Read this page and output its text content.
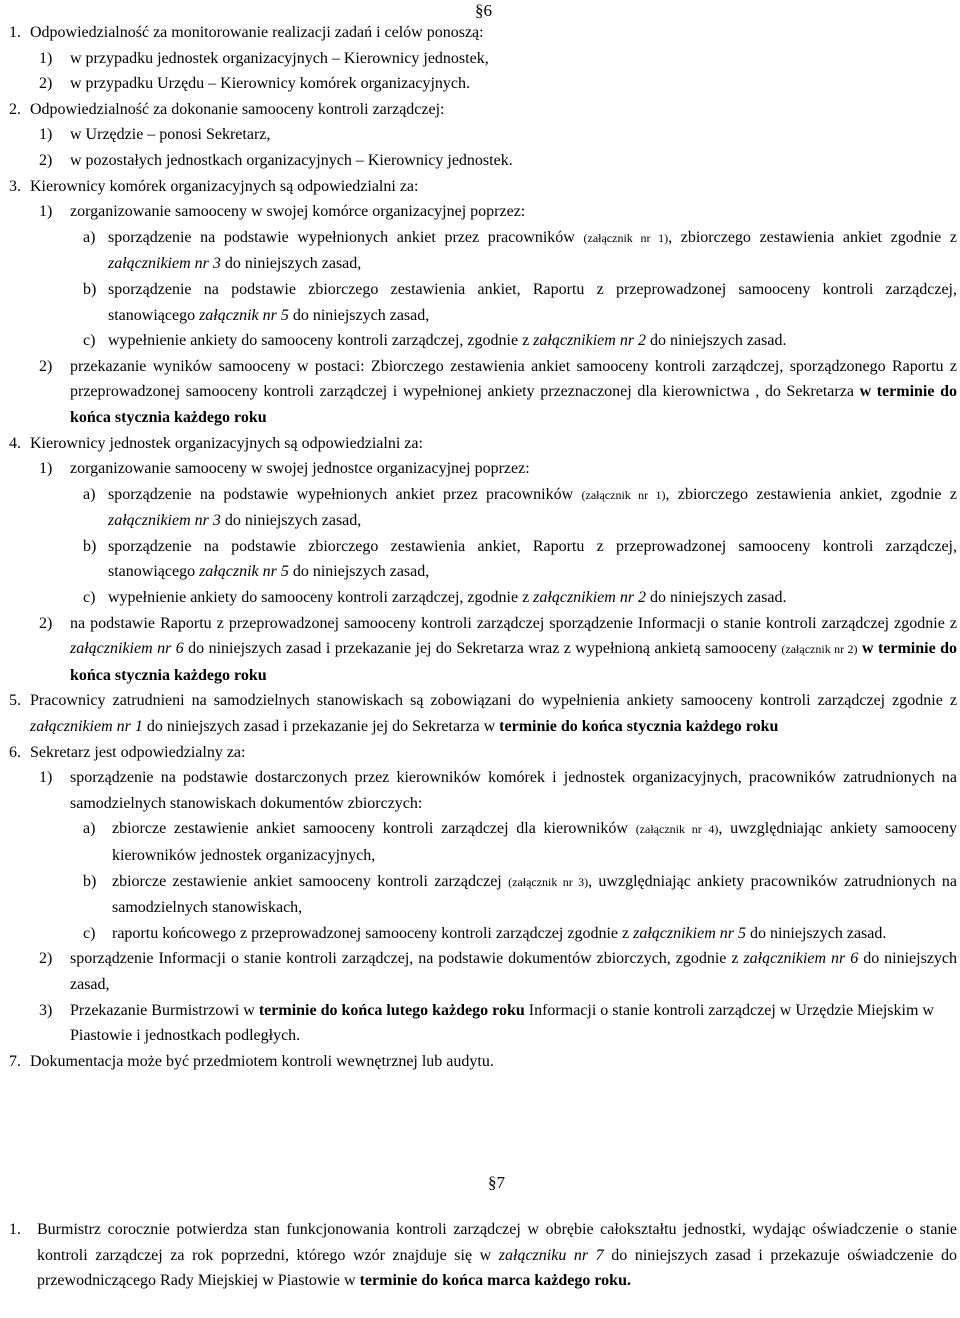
§6
1. Odpowiedzialność za monitorowanie realizacji zadań i celów ponoszą:
1)	w przypadku jednostek organizacyjnych – Kierownicy jednostek,
2)	w przypadku Urzędu – Kierownicy komórek organizacyjnych.
2. Odpowiedzialność za dokonanie samooceny kontroli zarządczej:
1)	w Urzędzie – ponosi Sekretarz,
2)	w pozostałych jednostkach organizacyjnych – Kierownicy jednostek.
3. Kierownicy komórek organizacyjnych są odpowiedzialni za:
1) zorganizowanie samooceny w swojej komórce organizacyjnej poprzez:
a) sporządzenie na podstawie wypełnionych ankiet przez pracowników (załącznik nr 1), zbiorczego zestawienia ankiet zgodnie z załącznikiem nr 3 do niniejszych zasad,
b) sporządzenie na podstawie zbiorczego zestawienia ankiet, Raportu z przeprowadzonej samooceny kontroli zarządczej, stanowiącego załącznik nr 5 do niniejszych zasad,
c) wypełnienie ankiety do samooceny kontroli zarządczej, zgodnie z załącznikiem nr 2 do niniejszych zasad.
2) przekazanie wyników samooceny w postaci: Zbiorczego zestawienia ankiet samooceny kontroli zarządczej, sporządzonego Raportu z przeprowadzonej samooceny kontroli zarządczej i wypełnionej ankiety przeznaczonej dla kierownictwa , do Sekretarza w terminie do końca stycznia każdego roku
4. Kierownicy jednostek organizacyjnych są odpowiedzialni za:
1) zorganizowanie samooceny w swojej jednostce organizacyjnej poprzez:
a) sporządzenie na podstawie wypełnionych ankiet przez pracowników (załącznik nr 1), zbiorczego zestawienia ankiet, zgodnie z załącznikiem nr 3 do niniejszych zasad,
b) sporządzenie na podstawie zbiorczego zestawienia ankiet, Raportu z przeprowadzonej samooceny kontroli zarządczej, stanowiącego załącznik nr 5 do niniejszych zasad,
c) wypełnienie ankiety do samooceny kontroli zarządczej, zgodnie z załącznikiem nr 2 do niniejszych zasad.
2) na podstawie Raportu z przeprowadzonej samooceny kontroli zarządczej sporządzenie Informacji o stanie kontroli zarządczej zgodnie z załącznikiem nr 6 do niniejszych zasad i przekazanie jej do Sekretarza wraz z wypełnioną ankietą samooceny (załącznik nr 2) w terminie do końca stycznia każdego roku
5. Pracownicy zatrudnieni na samodzielnych stanowiskach są zobowiązani do wypełnienia ankiety samooceny kontroli zarządczej zgodnie z załącznikiem nr 1 do niniejszych zasad i przekazanie jej do Sekretarza w terminie do końca stycznia każdego roku
6. Sekretarz jest odpowiedzialny za:
1) sporządzenie na podstawie dostarczonych przez kierowników komórek i jednostek organizacyjnych, pracowników zatrudnionych na samodzielnych stanowiskach dokumentów zbiorczych:
a) zbiorcze zestawienie ankiet samooceny kontroli zarządczej dla kierowników (załącznik nr 4), uwzględniając ankiety samooceny kierowników jednostek organizacyjnych,
b) zbiorcze zestawienie ankiet samooceny kontroli zarządczej (załącznik nr 3), uwzględniając ankiety pracowników zatrudnionych na samodzielnych stanowiskach,
c) raportu końcowego z przeprowadzonej samooceny kontroli zarządczej zgodnie z załącznikiem nr 5 do niniejszych zasad.
2) sporządzenie Informacji o stanie kontroli zarządczej, na podstawie dokumentów zbiorczych, zgodnie z załącznikiem nr 6 do niniejszych zasad,
3) Przekazanie Burmistrzowi w terminie do końca lutego każdego roku Informacji o stanie kontroli zarządczej w Urzędzie Miejskim w Piastowie i jednostkach podległych.
7. Dokumentacja może być przedmiotem kontroli wewnętrznej lub audytu.
§7
1. Burmistrz corocznie potwierdza stan funkcjonowania kontroli zarządczej w obrębie całokształtu jednostki, wydając oświadczenie o stanie kontroli zarządczej za rok poprzedni, którego wzór znajduje się w załączniku nr 7 do niniejszych zasad i przekazuje oświadczenie do przewodniczącego Rady Miejskiej w Piastowie w terminie do końca marca każdego roku.
